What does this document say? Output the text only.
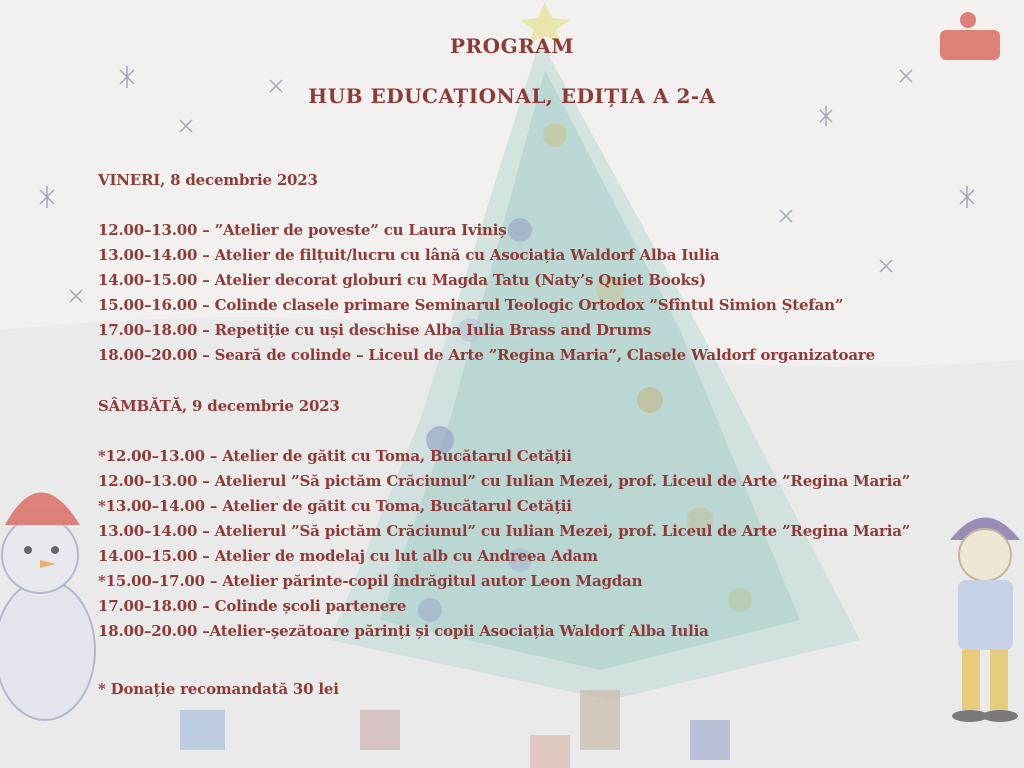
PROGRAM
HUB EDUCAȚIONAL, EDIȚIA A 2-A
VINERI, 8 decembrie 2023
12.00–13.00 – ”Atelier de poveste” cu Laura Iviniș
13.00–14.00 – Atelier de filțuit/lucru cu lână cu Asociația Waldorf Alba Iulia
14.00–15.00 – Atelier decorat globuri cu Magda Tatu (Naty’s Quiet Books)
15.00–16.00 – Colinde clasele primare Seminarul Teologic Ortodox ”Sfîntul Simion Ștefan”
17.00–18.00 – Repetiție cu uși deschise Alba Iulia Brass and Drums
18.00–20.00 – Seară de colinde – Liceul de Arte ”Regina Maria”, Clasele Waldorf organizatoare
SÂMBĂTĂ, 9 decembrie 2023
*12.00–13.00 – Atelier de gătit cu Toma, Bucătarul Cetății
12.00–13.00 – Atelierul ”Să pictăm Crăciunul” cu Iulian Mezei, prof. Liceul de Arte ”Regina Maria”
*13.00–14.00 – Atelier de gătit cu Toma, Bucătarul Cetății
13.00–14.00 – Atelierul ”Să pictăm Crăciunul” cu Iulian Mezei, prof. Liceul de Arte ”Regina Maria”
14.00–15.00 – Atelier de modelaj cu lut alb cu Andreea Adam
*15.00–17.00 – Atelier părinte-copil îndrăgitul autor Leon Magdan
17.00–18.00 – Colinde școli partenere
18.00–20.00 –Atelier-șezătoare părinți și copii Asociația Waldorf Alba Iulia
* Donație recomandată 30 lei
